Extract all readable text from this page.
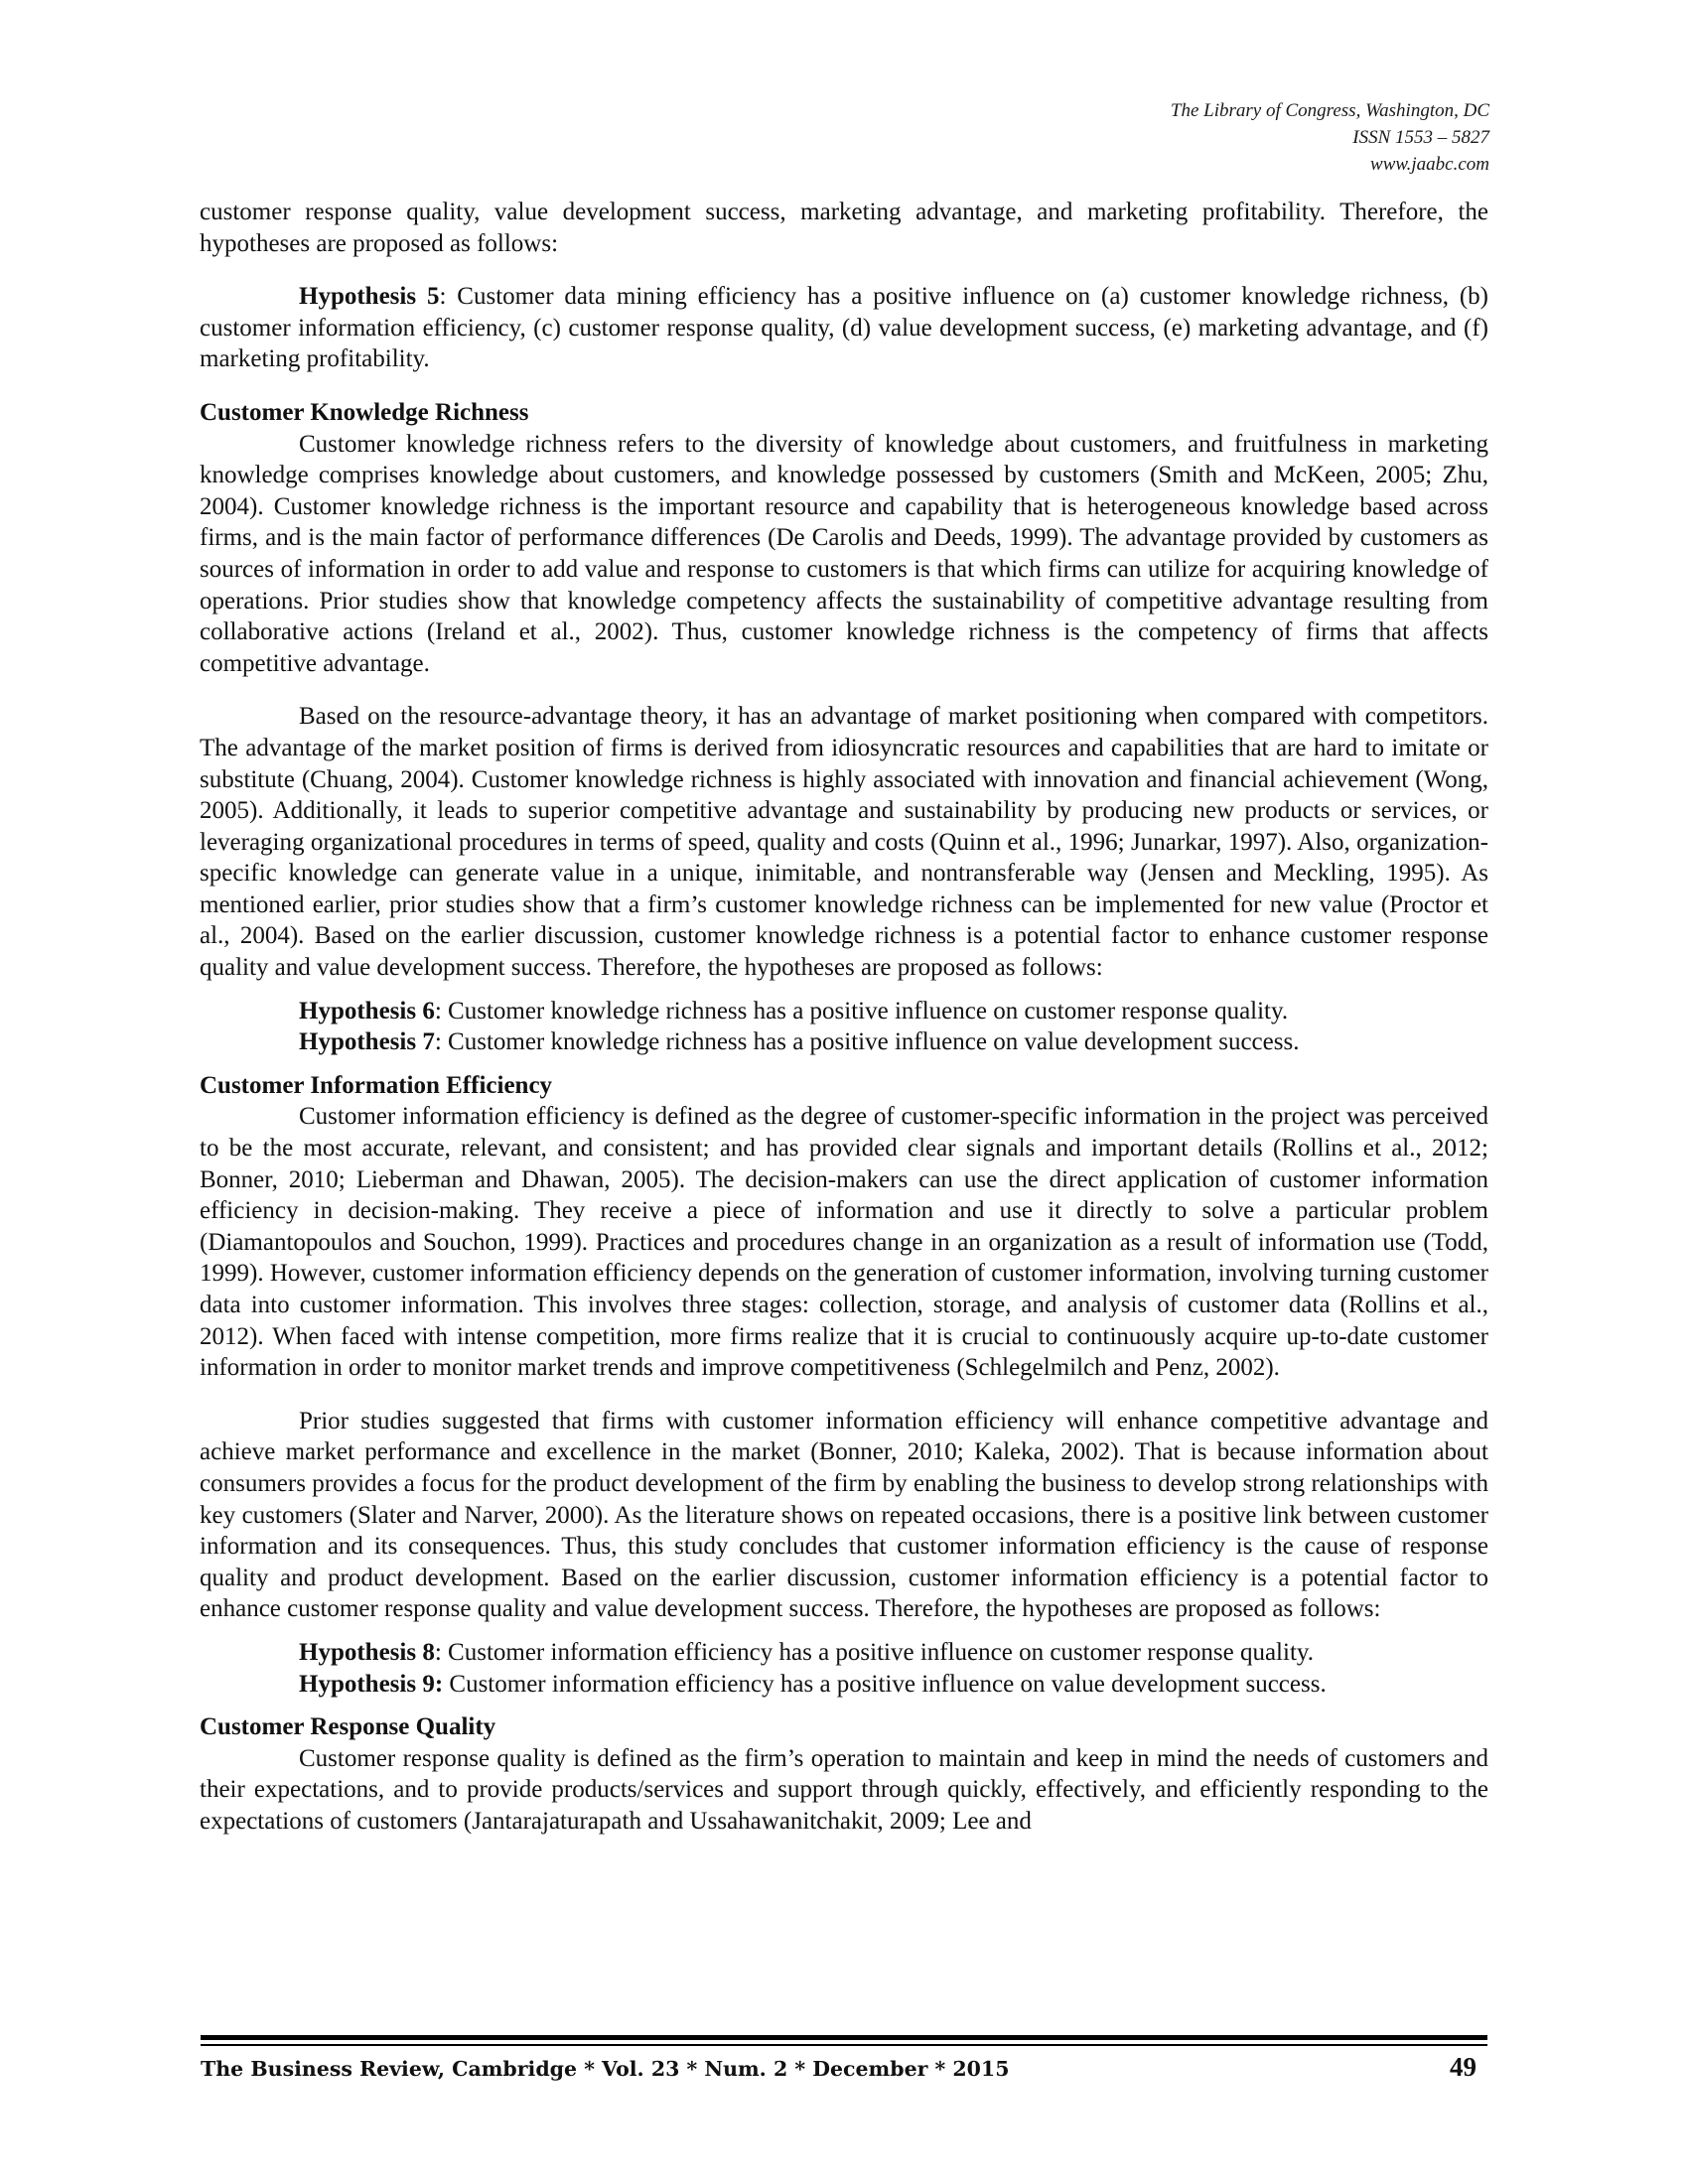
The Library of Congress, Washington, DC
ISSN 1553 – 5827
www.jaabc.com

customer response quality, value development success, marketing advantage, and marketing profitability. Therefore, the hypotheses are proposed as follows:

Hypothesis 5: Customer data mining efficiency has a positive influence on (a) customer knowledge richness, (b) customer information efficiency, (c) customer response quality, (d) value development success, (e) marketing advantage, and (f) marketing profitability.

Customer Knowledge Richness

Customer knowledge richness refers to the diversity of knowledge about customers, and fruitfulness in marketing knowledge comprises knowledge about customers, and knowledge possessed by customers (Smith and McKeen, 2005; Zhu, 2004). Customer knowledge richness is the important resource and capability that is heterogeneous knowledge based across firms, and is the main factor of performance differences (De Carolis and Deeds, 1999). The advantage provided by customers as sources of information in order to add value and response to customers is that which firms can utilize for acquiring knowledge of operations. Prior studies show that knowledge competency affects the sustainability of competitive advantage resulting from collaborative actions (Ireland et al., 2002). Thus, customer knowledge richness is the competency of firms that affects competitive advantage.

Based on the resource-advantage theory, it has an advantage of market positioning when compared with competitors. The advantage of the market position of firms is derived from idiosyncratic resources and capabilities that are hard to imitate or substitute (Chuang, 2004). Customer knowledge richness is highly associated with innovation and financial achievement (Wong, 2005). Additionally, it leads to superior competitive advantage and sustainability by producing new products or services, or leveraging organizational procedures in terms of speed, quality and costs (Quinn et al., 1996; Junarkar, 1997). Also, organization-specific knowledge can generate value in a unique, inimitable, and nontransferable way (Jensen and Meckling, 1995). As mentioned earlier, prior studies show that a firm’s customer knowledge richness can be implemented for new value (Proctor et al., 2004). Based on the earlier discussion, customer knowledge richness is a potential factor to enhance customer response quality and value development success. Therefore, the hypotheses are proposed as follows:

Hypothesis 6: Customer knowledge richness has a positive influence on customer response quality.

Hypothesis 7: Customer knowledge richness has a positive influence on value development success.

Customer Information Efficiency

Customer information efficiency is defined as the degree of customer-specific information in the project was perceived to be the most accurate, relevant, and consistent; and has provided clear signals and important details (Rollins et al., 2012; Bonner, 2010; Lieberman and Dhawan, 2005). The decision-makers can use the direct application of customer information efficiency in decision-making. They receive a piece of information and use it directly to solve a particular problem (Diamantopoulos and Souchon, 1999). Practices and procedures change in an organization as a result of information use (Todd, 1999). However, customer information efficiency depends on the generation of customer information, involving turning customer data into customer information. This involves three stages: collection, storage, and analysis of customer data (Rollins et al., 2012). When faced with intense competition, more firms realize that it is crucial to continuously acquire up-to-date customer information in order to monitor market trends and improve competitiveness (Schlegelmilch and Penz, 2002).

Prior studies suggested that firms with customer information efficiency will enhance competitive advantage and achieve market performance and excellence in the market (Bonner, 2010; Kaleka, 2002). That is because information about consumers provides a focus for the product development of the firm by enabling the business to develop strong relationships with key customers (Slater and Narver, 2000). As the literature shows on repeated occasions, there is a positive link between customer information and its consequences. Thus, this study concludes that customer information efficiency is the cause of response quality and product development. Based on the earlier discussion, customer information efficiency is a potential factor to enhance customer response quality and value development success. Therefore, the hypotheses are proposed as follows:

Hypothesis 8: Customer information efficiency has a positive influence on customer response quality.

Hypothesis 9: Customer information efficiency has a positive influence on value development success.

Customer Response Quality

Customer response quality is defined as the firm’s operation to maintain and keep in mind the needs of customers and their expectations, and to provide products/services and support through quickly, effectively, and efficiently responding to the expectations of customers (Jantarajaturapath and Ussahawanitchakit, 2009; Lee and

The Business Review, Cambridge * Vol. 23 * Num. 2 * December * 2015	49
